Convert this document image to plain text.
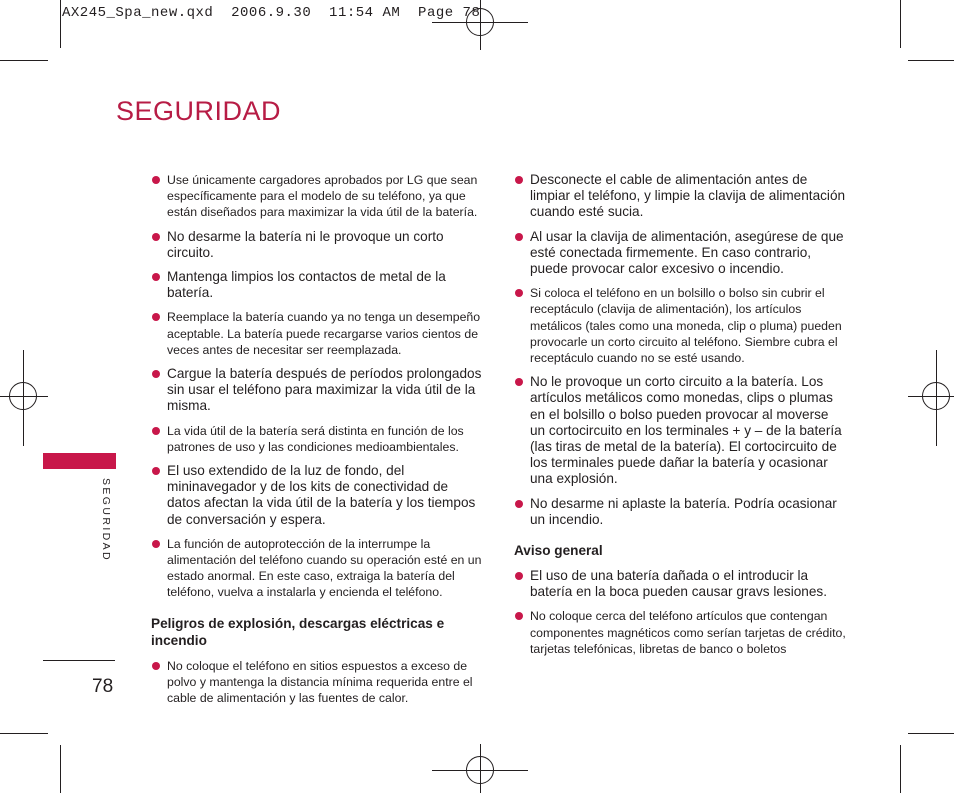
AX245_Spa_new.qxd  2006.9.30  11:54 AM  Page 78
SEGURIDAD
SEGURIDAD
78
Use únicamente cargadores aprobados por LG que sean específicamente para el modelo de su teléfono, ya que están diseñados para maximizar la vida útil de la batería.
No desarme la batería ni le provoque un corto circuito.
Mantenga limpios los contactos de metal de la batería.
Reemplace la batería cuando ya no tenga un desempeño aceptable. La batería puede recargarse varios cientos de veces antes de necesitar ser reemplazada.
Cargue la batería después de períodos prolongados sin usar el teléfono para maximizar la vida útil de la misma.
La vida útil de la batería será distinta en función de los patrones de uso y las condiciones medioambientales.
El uso extendido de la luz de fondo, del mininavegador y de los kits de conectividad de datos afectan la vida útil de la batería y los tiempos de conversación y espera.
La función de autoprotección de la interrumpe la alimentación del teléfono cuando su operación esté en un estado anormal. En este caso, extraiga la batería del teléfono, vuelva a instalarla y encienda el teléfono.
Peligros de explosión, descargas eléctricas e incendio
No coloque el teléfono en sitios espuestos a exceso de polvo y mantenga la distancia mínima requerida entre el cable de alimentación y las fuentes de calor.
Desconecte el cable de alimentación antes de limpiar el teléfono, y limpie la clavija de alimentación cuando esté sucia.
Al usar la clavija de alimentación, asegúrese de que esté conectada firmemente. En caso contrario, puede provocar calor excesivo o incendio.
Si coloca el teléfono en un bolsillo o bolso sin cubrir el receptáculo (clavija de alimentación), los artículos metálicos (tales como una moneda, clip o pluma) pueden provocarle un corto circuito al teléfono. Siembre cubra el receptáculo cuando no se esté usando.
No le provoque un corto circuito a la batería. Los artículos metálicos como monedas, clips o plumas en el bolsillo o bolso pueden provocar al moverse un cortocircuito en los terminales + y – de la batería (las tiras de metal de la batería). El cortocircuito de los terminales puede dañar la batería y ocasionar una explosión.
No desarme ni aplaste la batería. Podría ocasionar un incendio.
Aviso general
El uso de una batería dañada o el introducir la batería en la boca pueden causar gravs lesiones.
No coloque cerca del teléfono artículos que contengan componentes magnéticos como serían tarjetas de crédito, tarjetas telefónicas, libretas de banco o boletos
